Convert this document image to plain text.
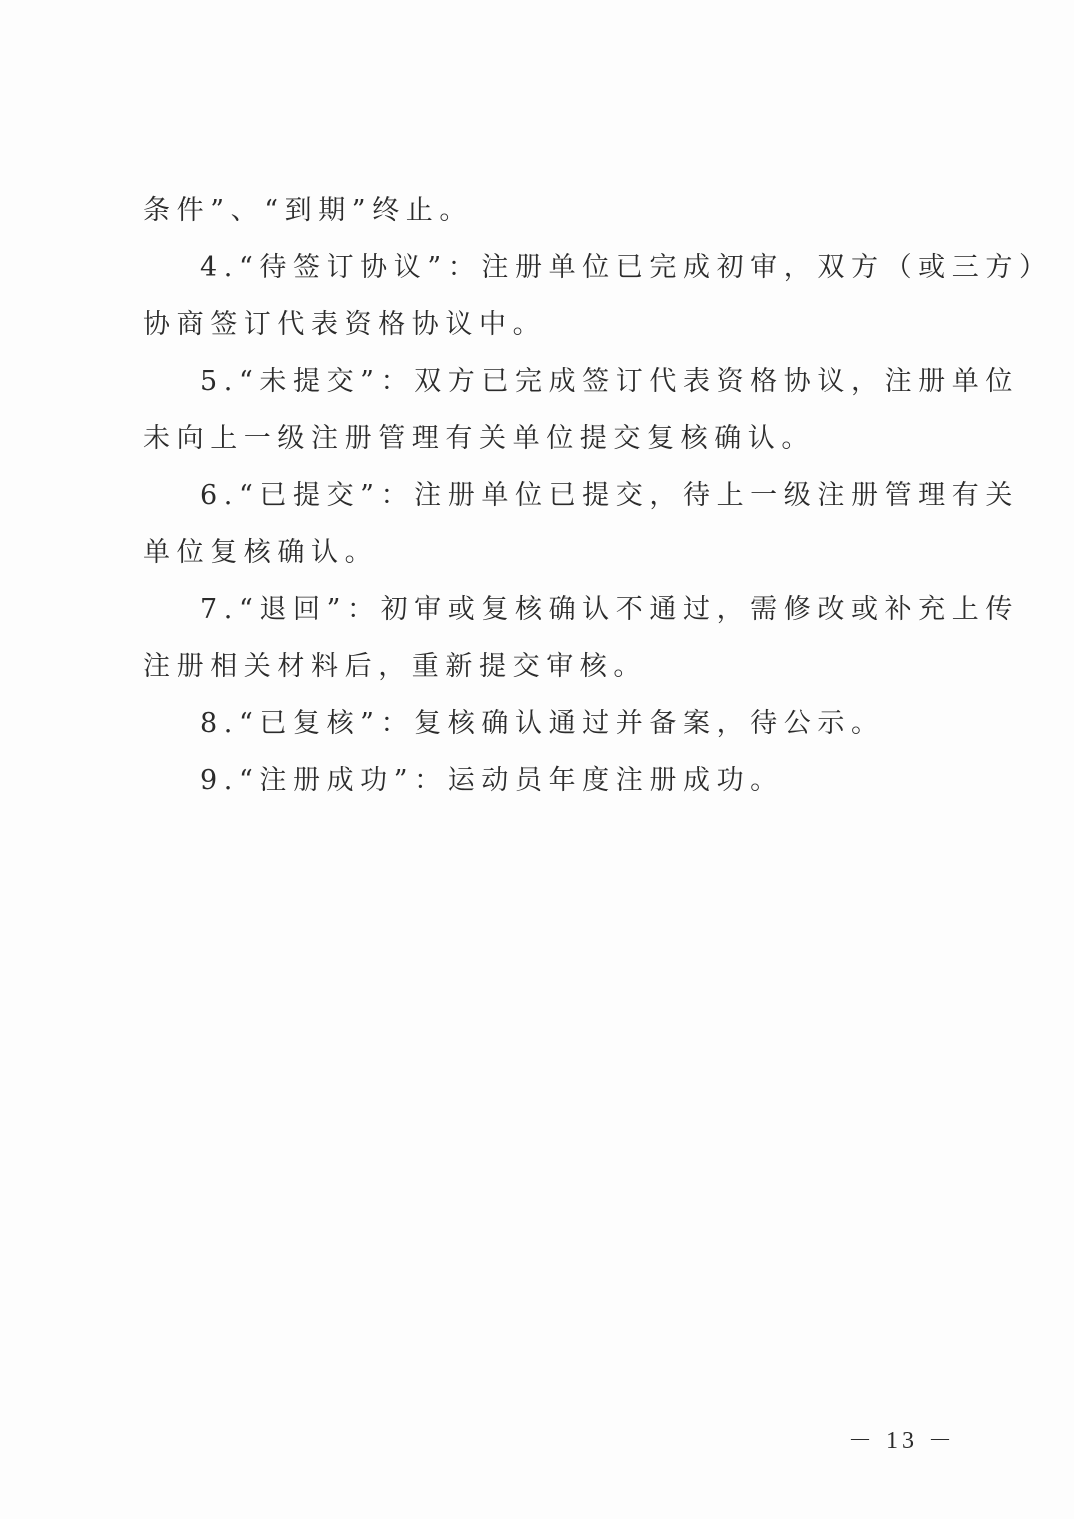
条件”、“到期”终止。
4.“待签订协议”：注册单位已完成初审，双方（或三方）
协商签订代表资格协议中。
5.“未提交”：双方已完成签订代表资格协议，注册单位
未向上一级注册管理有关单位提交复核确认。
6.“已提交”：注册单位已提交，待上一级注册管理有关
单位复核确认。
7.“退回”：初审或复核确认不通过，需修改或补充上传
注册相关材料后，重新提交审核。
8.“已复核”：复核确认通过并备案，待公示。
9.“注册成功”：运动员年度注册成功。
－ 13 －
